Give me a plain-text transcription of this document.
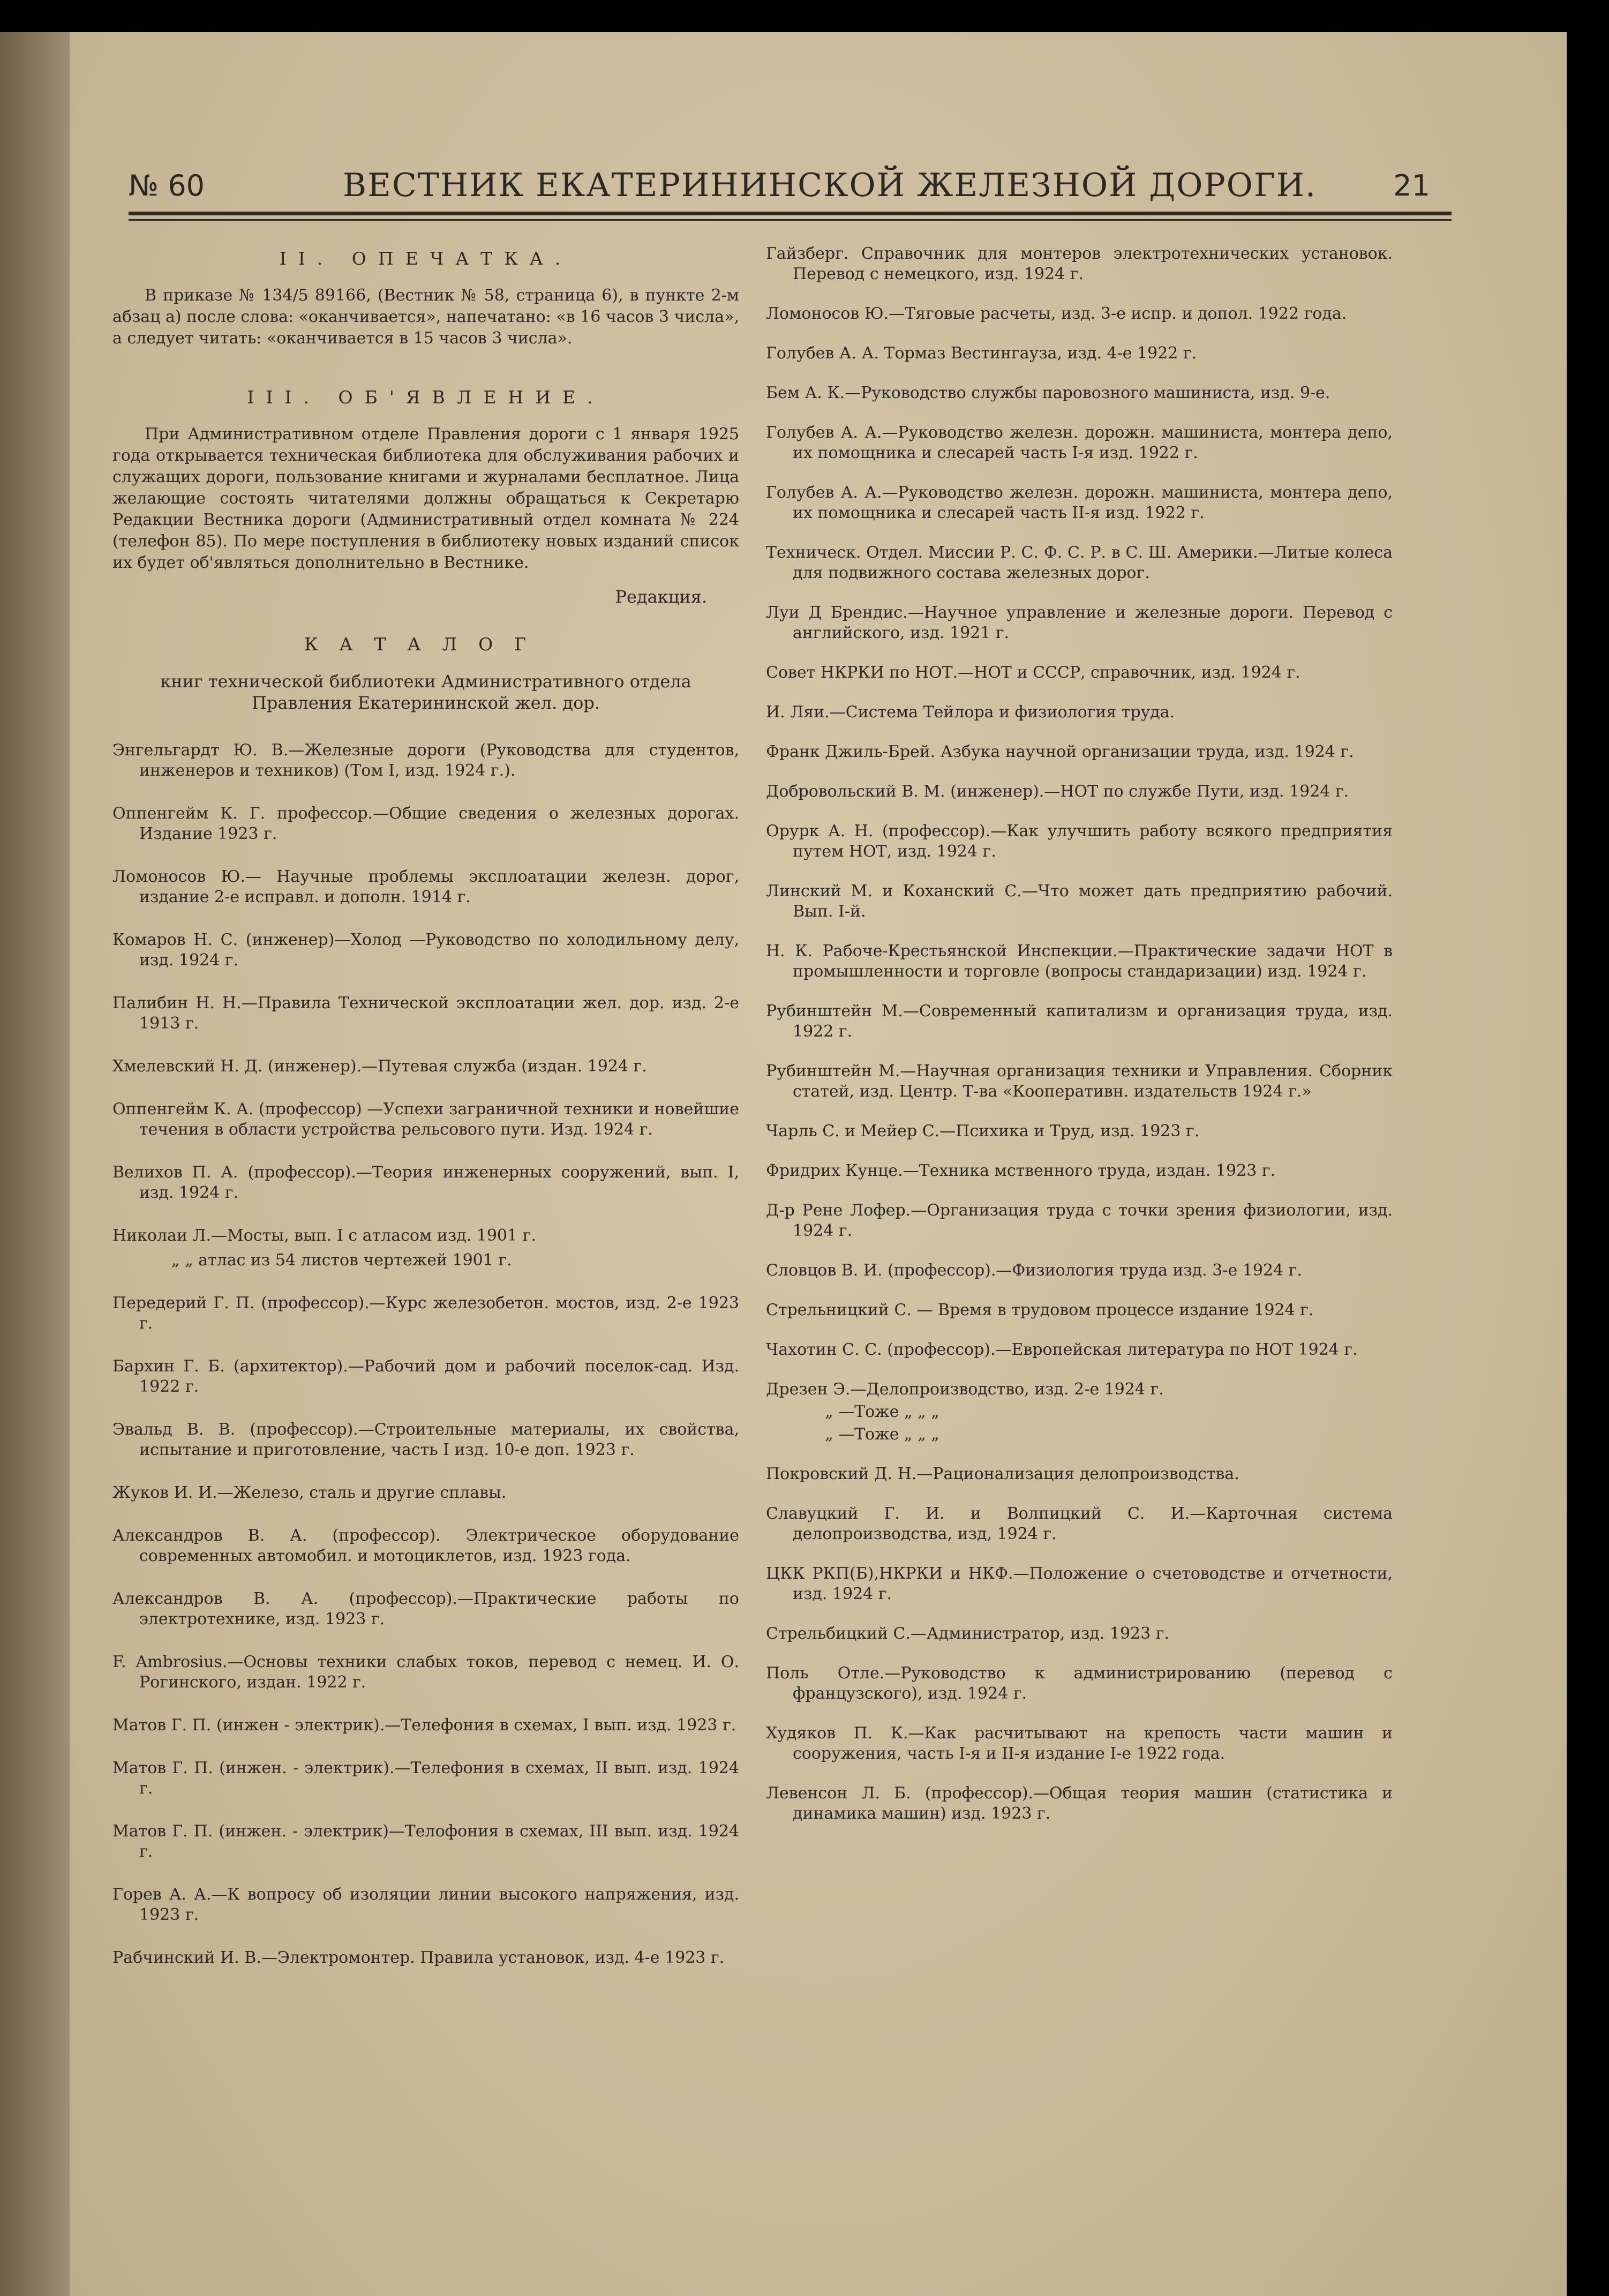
№ 60	ВЕСТНИК ЕКАТЕРИНИНСКОЙ ЖЕЛЕЗНОЙ ДОРОГИ.	21
II. ОПЕЧАТКА.
В приказе № 134/5 89166, (Вестник № 58, страница 6), в пункте 2-м абзац а) после слова: «оканчивается», напечатано: «в 16 часов 3 числа», а следует читать: «оканчивается в 15 часов 3 числа».
III. ОБ'ЯВЛЕНИЕ.
При Административном отделе Правления дороги с 1 января 1925 года открывается техническая библиотека для обслуживания рабочих и служащих дороги, пользование книгами и журналами бесплатное. Лица желающие состоять читателями должны обращаться к Секретарю Редакции Вестника дороги (Административный отдел комната № 224 (телефон 85). По мере поступления в библиотеку новых изданий список их будет об'являться дополнительно в Вестнике.
Редакция.
КАТАЛОГ
книг технической библиотеки Административного отдела Правления Екатерининской жел. дор.
Энгельгардт Ю. В.—Железные дороги (Руководства для студентов, инженеров и техников) (Том I, изд. 1924 г.).
Оппенгейм К. Г. профессор.—Общие сведения о железных дорогах. Издание 1923 г.
Ломоносов Ю.— Научные проблемы эксплоатации железн. дорог, издание 2-е исправл. и дополн. 1914 г.
Комаров Н. С. (инженер)—Холод —Руководство по холодильному делу, изд. 1924 г.
Палибин Н. Н.—Правила Технической эксплоатации жел. дор. изд. 2-е 1913 г.
Хмелевский Н. Д. (инженер).—Путевая служба (издан. 1924 г.
Оппенгейм К. А. (профессор) —Успехи заграничной техники и новейшие течения в области устройства рельсового пути. Изд. 1924 г.
Велихов П. А. (профессор).—Теория инженерных сооружений, вып. I, изд. 1924 г.
Николаи Л.—Мосты, вып. I с атласом изд. 1901 г.
„ „ атлас из 54 листов чертежей 1901 г.
Передерий Г. П. (профессор).—Курс железобетон. мостов, изд. 2-е 1923 г.
Бархин Г. Б. (архитектор).—Рабочий дом и рабочий поселок-сад. Изд. 1922 г.
Эвальд В. В. (профессор).—Строительные материалы, их свойства, испытание и приготовление, часть I изд. 10-е доп. 1923 г.
Жуков И. И.—Железо, сталь и другие сплавы.
Александров В. А. (профессор). Электрическое оборудование современных автомобил. и мотоциклетов, изд. 1923 года.
Александров В. А. (профессор).—Практические работы по электротехнике, изд. 1923 г.
F. Ambrosius.—Основы техники слабых токов, перевод с немец. И. О. Рогинского, издан. 1922 г.
Матов Г. П. (инжен - электрик).—Телефония в схемах, I вып. изд. 1923 г.
Матов Г. П. (инжен. - электрик).—Телефония в схемах, II вып. изд. 1924 г.
Матов Г. П. (инжен. - электрик)—Телофония в схемах, III вып. изд. 1924 г.
Горев А. А.—К вопросу об изоляции линии высокого напряжения, изд. 1923 г.
Рабчинский И. В.—Электромонтер. Правила установок, изд. 4-е 1923 г.
Гайзберг. Справочник для монтеров электротехнических установок. Перевод с немецкого, изд. 1924 г.
Ломоносов Ю.—Тяговые расчеты, изд. 3-е испр. и допол. 1922 года.
Голубев А. А. Тормаз Вестингауза, изд. 4-е 1922 г.
Бем А. К.—Руководство службы паровозного машиниста, изд. 9-е.
Голубев А. А.—Руководство железн. дорожн. машиниста, монтера депо, их помощника и слесарей часть I-я изд. 1922 г.
Голубев А. А.—Руководство железн. дорожн. машиниста, монтера депо, их помощника и слесарей часть II-я изд. 1922 г.
Техническ. Отдел. Миссии Р. С. Ф. С. Р. в С. Ш. Америки.—Литые колеса для подвижного состава железных дорог.
Луи Д Брендис.—Научное управление и железные дороги. Перевод с английского, изд. 1921 г.
Совет НКРКИ по НОТ.—НОТ и СССР, справочник, изд. 1924 г.
И. Ляи.—Система Тейлора и физиология труда.
Франк Джиль-Брей. Азбука научной организации труда, изд. 1924 г.
Добровольский В. М. (инженер).—НОТ по службе Пути, изд. 1924 г.
Орурк А. Н. (профессор).—Как улучшить работу всякого предприятия путем НОТ, изд. 1924 г.
Линский М. и Коханский С.—Что может дать предприятию рабочий. Вып. I-й.
Н. К. Рабоче-Крестьянской Инспекции.—Практические задачи НОТ в промышленности и торговле (вопросы стандаризации) изд. 1924 г.
Рубинштейн М.—Современный капитализм и организация труда, изд. 1922 г.
Рубинштейн М.—Научная организация техники и Управления. Сборник статей, изд. Центр. Т-ва «Кооперативн. издательств 1924 г.»
Чарль С. и Мейер С.—Психика и Труд, изд. 1923 г.
Фридрих Кунце.—Техника мственного труда, издан. 1923 г.
Д-р Рене Лофер.—Организация труда с точки зрения физиологии, изд. 1924 г.
Словцов В. И. (профессор).—Физиология труда изд. 3-е 1924 г.
Стрельницкий С. — Время в трудовом процессе издание 1924 г.
Чахотин С. С. (профессор).—Европейская литература по НОТ 1924 г.
Дрезен Э.—Делопроизводство, изд. 2-е 1924 г.
„ —Тоже „ „ „
„ —Тоже „ „ „
Покровский Д. Н.—Рационализация делопроизводства.
Славуцкий Г. И. и Волпицкий С. И.—Карточная система делопроизводства, изд, 1924 г.
ЦКК РКП(Б),НКРКИ и НКФ.—Положение о счетоводстве и отчетности, изд. 1924 г.
Стрельбицкий С.—Администратор, изд. 1923 г.
Поль Отле.—Руководство к администрированию (перевод с французского), изд. 1924 г.
Худяков П. К.—Как расчитывают на крепость части машин и сооружения, часть I-я и II-я издание I-е 1922 года.
Левенсон Л. Б. (профессор).—Общая теория машин (статистика и динамика машин) изд. 1923 г.
